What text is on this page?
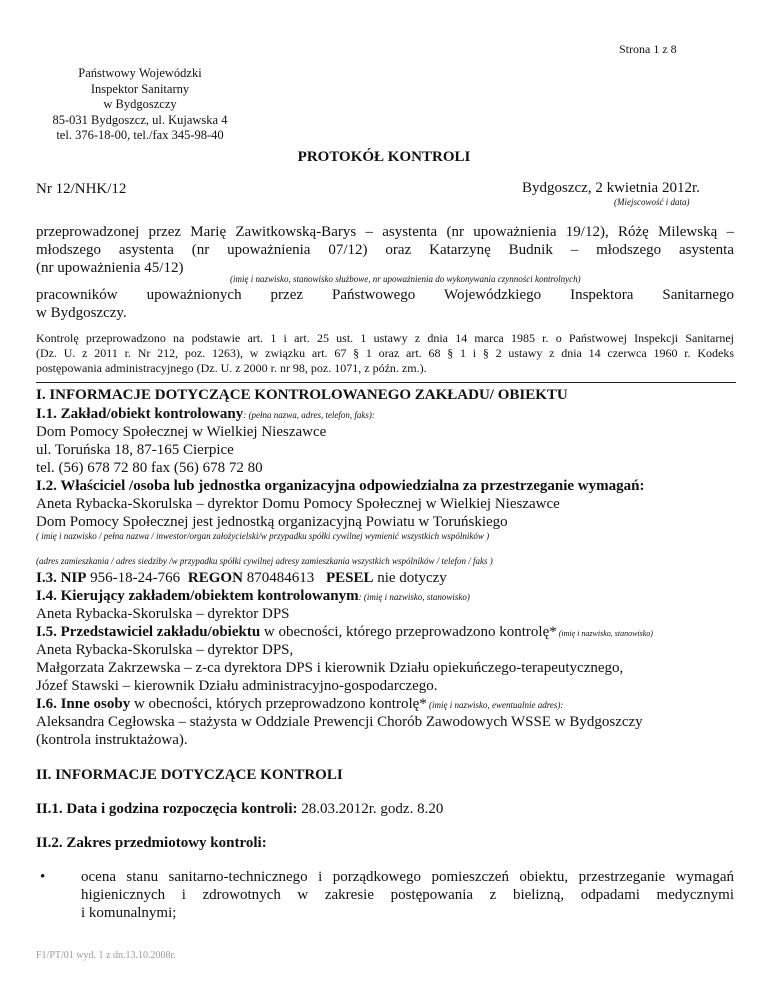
Strona 1 z 8
Państwowy Wojewódzki
Inspektor Sanitarny
w Bydgoszczy
85-031 Bydgoszcz, ul. Kujawska 4
tel. 376-18-00, tel./fax 345-98-40
PROTOKÓŁ KONTROLI
Nr 12/NHK/12	Bydgoszcz, 2 kwietnia 2012r.
(Miejscowość i data)
przeprowadzonej przez Marię Zawitkowską-Barys – asystenta (nr upoważnienia 19/12), Różę Milewską –
młodszego asystenta (nr upoważnienia 07/12) oraz Katarzynę Budnik – młodszego asystenta
(nr upoważnienia 45/12)
(imię i nazwisko, stanowisko służbowe, nr upoważnienia do wykonywania czynności kontrolnych)
pracowników upoważnionych przez Państwowego Wojewódzkiego Inspektora Sanitarnego
w Bydgoszczy.
Kontrolę przeprowadzono na podstawie art. 1 i art. 25 ust. 1 ustawy z dnia 14 marca 1985 r. o Państwowej Inspekcji Sanitarnej
(Dz. U. z 2011 r. Nr 212, poz. 1263), w związku art. 67 § 1 oraz art. 68 § 1 i § 2 ustawy z dnia 14 czerwca 1960 r. Kodeks
postępowania administracyjnego (Dz. U. z 2000 r. nr 98, poz. 1071, z późn. zm.).
I. INFORMACJE DOTYCZĄCE KONTROLOWANEGO ZAKŁADU/ OBIEKTU
I.1. Zakład/obiekt kontrolowany: (pełna nazwa, adres, telefon, faks):
Dom Pomocy Społecznej w Wielkiej Nieszawce
ul. Toruńska 18, 87-165 Cierpice
tel. (56) 678 72 80 fax (56) 678 72 80
I.2. Właściciel /osoba lub jednostka organizacyjna odpowiedzialna za przestrzeganie wymagań:
Aneta Rybacka-Skorulska – dyrektor Domu Pomocy Społecznej w Wielkiej Nieszawce
Dom Pomocy Społecznej jest jednostką organizacyjną Powiatu w Toruńskiego
( imię i nazwisko / pełna nazwa / inwestor/organ założycielski/w przypadku spółki cywilnej wymienić wszystkich wspólników )
(adres zamieszkania / adres siedziby /w przypadku spółki cywilnej adresy zamieszkania wszystkich wspólników / telefon / faks )
I.3. NIP 956-18-24-766 REGON 870484613 PESEL nie dotyczy
I.4. Kierujący zakładem/obiektem kontrolowanym: (imię i nazwisko, stanowisko)
Aneta Rybacka-Skorulska – dyrektor DPS
I.5. Przedstawiciel zakładu/obiektu w obecności, którego przeprowadzono kontrolę* (imię i nazwisko, stanowisko)
Aneta Rybacka-Skorulska – dyrektor DPS,
Małgorzata Zakrzewska – z-ca dyrektora DPS i kierownik Działu opiekuńczego-terapeutycznego,
Józef Stawski – kierownik Działu administracyjno-gospodarczego.
I.6. Inne osoby w obecności, których przeprowadzono kontrolę* (imię i nazwisko, ewentualnie adres):
Aleksandra Cegłowska – stażysta w Oddziale Prewencji Chorób Zawodowych WSSE w Bydgoszczy
(kontrola instruktażowa).
II. INFORMACJE DOTYCZĄCE KONTROLI
II.1. Data i godzina rozpoczęcia kontroli: 28.03.2012r. godz. 8.20
II.2. Zakres przedmiotowy kontroli:
• ocena stanu sanitarno-technicznego i porządkowego pomieszczeń obiektu, przestrzeganie wymagań
higienicznych i zdrowotnych w zakresie postępowania z bielizną, odpadami medycznymi
i komunalnymi;
F1/PT/01 wyd. 1 z dn.13.10.2008r.
